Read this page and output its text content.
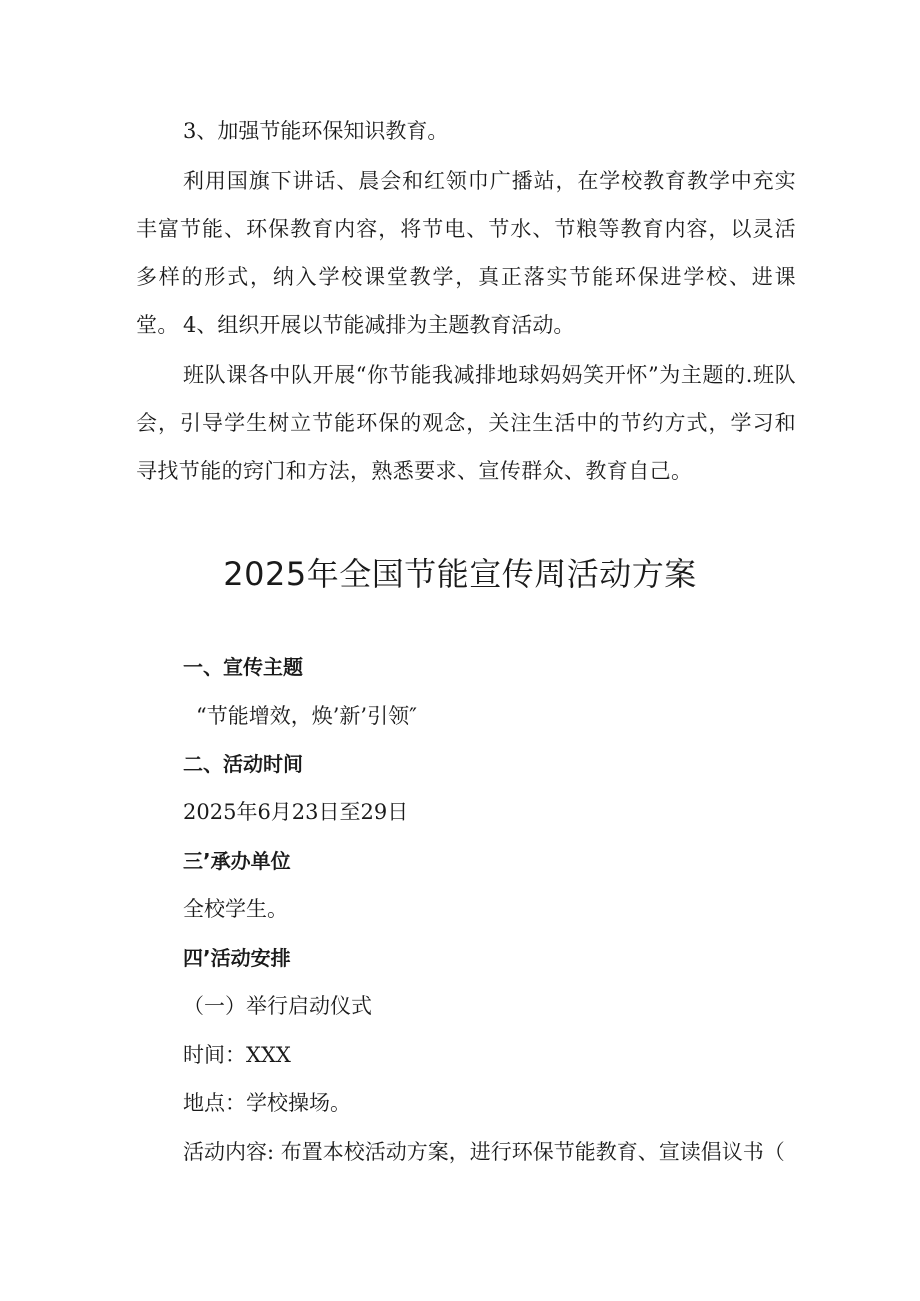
3、加强节能环保知识教育。
利用国旗下讲话、晨会和红领巾广播站，在学校教育教学中充实丰富节能、环保教育内容，将节电、节水、节粮等教育内容，以灵活多样的形式，纳入学校课堂教学，真正落实节能环保进学校、进课堂。 4、组织开展以节能减排为主题教育活动。
班队课各中队开展“你节能我减排地球妈妈笑开怀”为主题的.班队会，引导学生树立节能环保的观念，关注生活中的节约方式，学习和寻找节能的窍门和方法，熟悉要求、宣传群众、教育自己。
2025年全国节能宣传周活动方案
一、宣传主题
“节能增效，焕’新’引领″
二、活动时间
2025年6月23日至29日
三’承办单位
全校学生。
四’活动安排
（一）举行启动仪式
时间：XXX
地点：学校操场。
活动内容: 布置本校活动方案，进行环保节能教育、宣读倡议书（
